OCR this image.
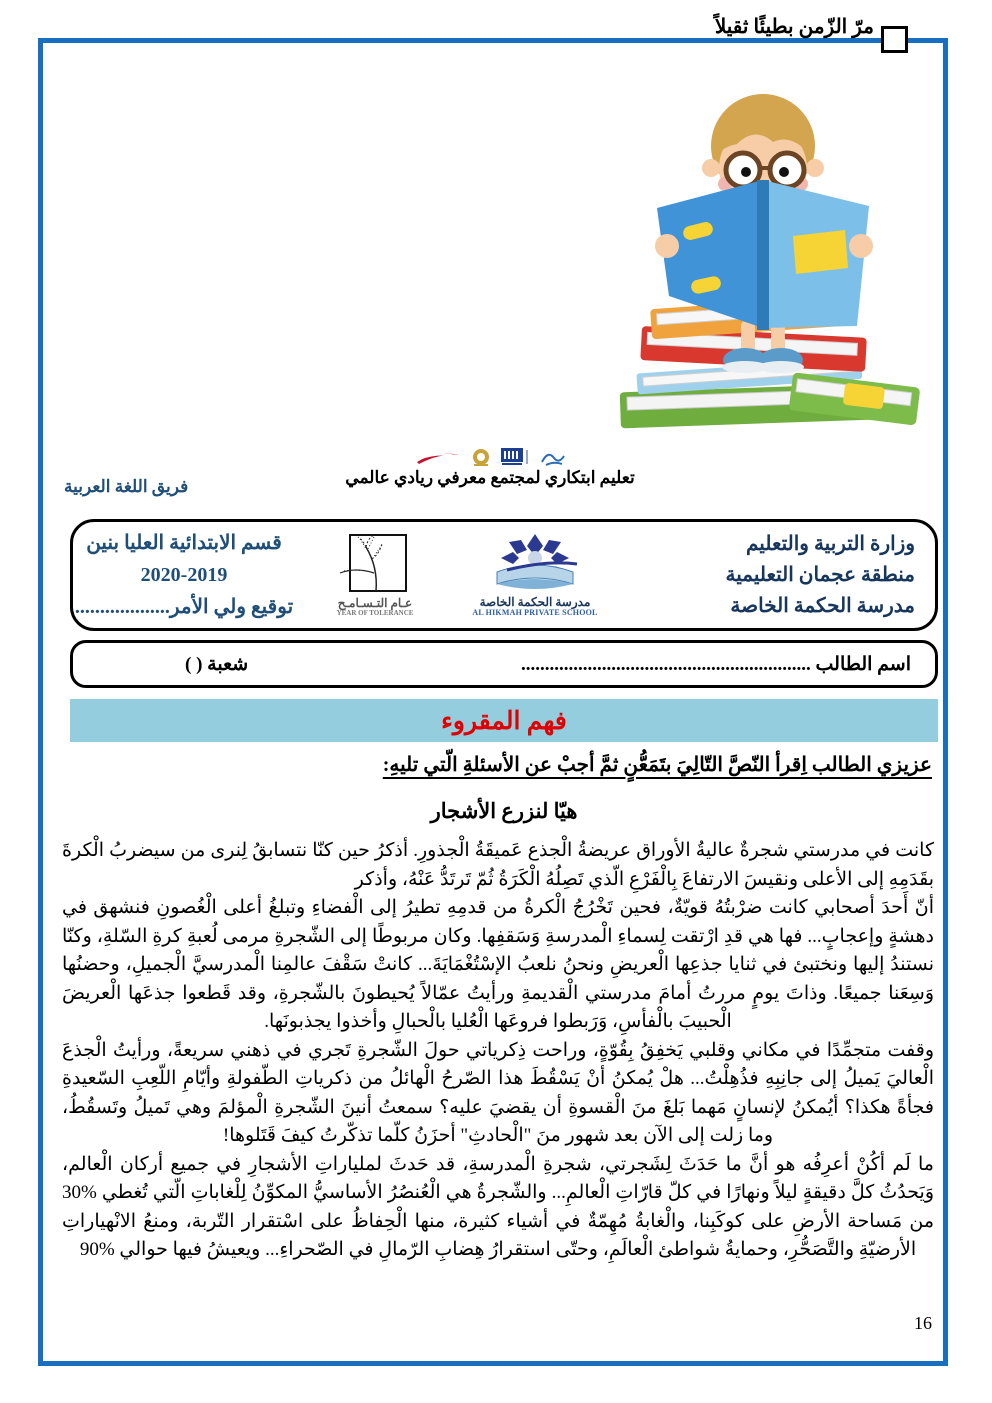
مرّ الزّمن بطيئًا ثقيلاً
تعليم ابتكاري لمجتمع معرفي ريادي عالمي
فريق اللغة العربية
وزارة التربية والتعليم
منطقة عجمان التعليمية
مدرسة الحكمة الخاصة
مدرسة الحكمة الخاصة
AL HIKMAH PRIVATE SCHOOL
عـام التـسـامـح
YEAR OF TOLERANCE
قسم الابتدائية العليا بنين
2020-2019
توقيع ولي الأمر...................
اسم الطالب .............................................................
شعبة ( )
فهم المقروء
عزيزي الطالب اِقرأ النّصَّ التّالِيَ بتَمَعُّنٍ ثمَّ أجبْ عن الأسئلةِ الّتي تليهِ:
هيّا لنزرع الأشجار

كانت في مدرستي شجرةٌ عاليةُ الأوراق عريضةُ الْجذع عَميقَةُ الْجذورِ. أذكرُ حين كنّا نتسابقُ لِنرى من سيضربُ الْكرةَ بقَدَمِهِ إلى الأعلى ونقيسَ الارتفاعَ بِالْفَرْعِ الّذي تَصِلُهُ الْكَرَةُ ثُمّ تَرتَدُّ عَنْهُ، وأذكر

أنّ أَحدَ أصحابي كانت ضرْبتُهُ قويّةٌ، فحين تَخْرُجُ الْكرةُ من قدمِهِ تطيرُ إلى الْفضاءِ وتبلغُ أعلى الْغُصونِ فنشهق في دهشةٍ وإعجابٍ... فها هي قدِ ارْتقت لِسماءِ الْمدرسةِ وَسَقفِها. وكان مربوطًا إلى الشّجرةِ مرمى لُعبةِ كرةِ السّلةِ، وكنّا نستندُ إليها ونختبئ في ثنايا جذعِها الْعريضِ ونحنُ نلعبُ الإسْتُغْمَايَةَ... كانتْ سَقْفَ عالمِنا الْمدرسيَّ الْجميلِ، وحضنُها وَسِعَنا جميعًا. وذاتَ يومٍ مررتُ أمامَ مدرستي الْقديمةِ ورأيتُ عمّالاً يُحيطونَ بالشّجرةِ، وقد قَطعوا جذعَها الْعريضَ الْحبيبَ بالْفأسِ، وَرَبطوا فروعَها الْعُليا بالْحبالِ وأخذوا يجذبونَها.

وقفت متجمِّدًا في مكاني وقلبي يَخفِقُ بِقُوّةٍ، وراحت ذِكرياتي حولَ الشّجرةِ تَجري في ذهني سريعةً، ورأيتُ الْجذعَ الْعاليَ يَميلُ إلى جانِبِهِ فذُهِلْتُ... هلْ يُمكنُ أنْ يَسْقُطَ هذا الصّرحُ الْهائلُ من ذكرياتِ الطّفولةِ وأيّامِ اللّعِبِ السّعيدةِ فجأةً هكذا؟ أيُمكنُ لإنسانٍ مَهما بَلغَ منَ الْقسوةِ أن يقضيَ عليه؟ سمعتُ أنينَ الشّجرةِ الْمؤلمَ وهي تَميلُ وتَسقُطُ، وما زلت إلى الآن بعد شهور منَ "الْحادثِ" أحزَنُ كلّما تذكّرتُ كيفَ قَتَلوها!

ما لَم أكُنْ أعرِفُه هو أنَّ ما حَدَثَ لِشَجرتي، شجرةِ الْمدرسةِ، قد حَدثَ لملياراتِ الأشجارِ في جميع أركان الْعالم، وَيَحدُثُ كلَّ دقيقةٍ ليلاً ونهارًا في كلّ قارّاتِ الْعالمِ... والشّجرةُ هي الْعُنصُرُ الأساسيُّ المكوِّنُ لِلْغاباتِ الّتي تُغطي %30 من مَساحة الأرضِ على كوكَبِنا، والْغابةُ مُهِمّةٌ في أشياء كثيرة، منها الْحِفاظُ على اسْتقرار التّربة، ومنعُ الانْهياراتِ الأرضيّةِ والتَّصَحُّرِ، وحمايةُ شواطئ الْعالَمِ، وحتّى استقرارُ هِضابِ الرّمالِ في الصّحراءِ... ويعيشُ فيها حوالي %90

16
